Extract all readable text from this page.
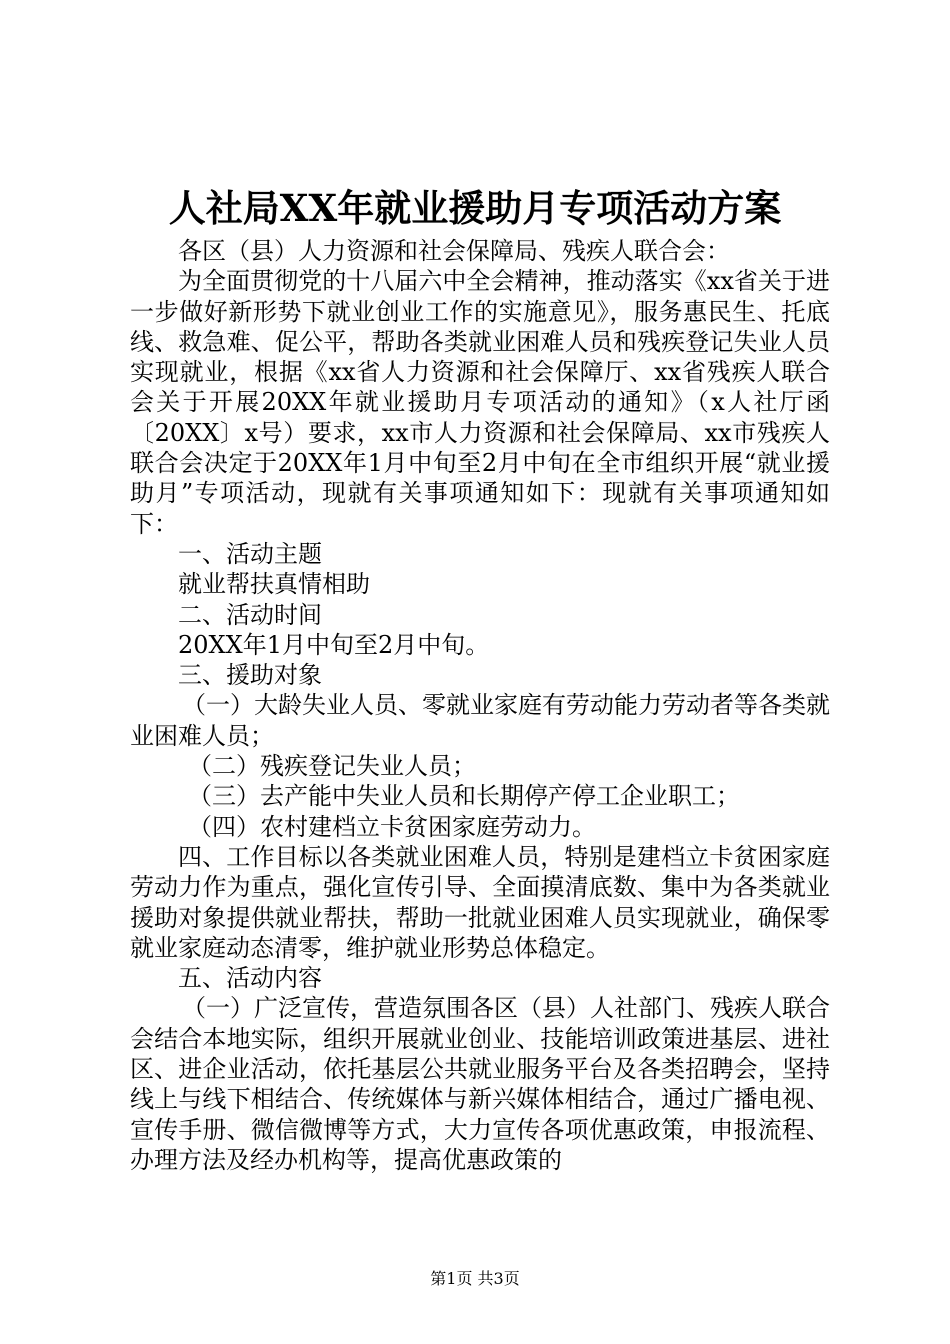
人社局XX年就业援助月专项活动方案

各区（县）人力资源和社会保障局、残疾人联合会：

为全面贯彻党的十八届六中全会精神，推动落实《xx省关于进一步做好新形势下就业创业工作的实施意见》，服务惠民生、托底线、救急难、促公平，帮助各类就业困难人员和残疾登记失业人员实现就业，根据《xx省人力资源和社会保障厅、xx省残疾人联合会关于开展20XX年就业援助月专项活动的通知》（x人社厅函〔20XX〕x号）要求，xx市人力资源和社会保障局、xx市残疾人联合会决定于20XX年1月中旬至2月中旬在全市组织开展“就业援助月”专项活动，现就有关事项通知如下：现就有关事项通知如下：

一、活动主题

就业帮扶真情相助

二、活动时间

20XX年1月中旬至2月中旬。

三、援助对象

（一）大龄失业人员、零就业家庭有劳动能力劳动者等各类就业困难人员；

（二）残疾登记失业人员；

（三）去产能中失业人员和长期停产停工企业职工；

（四）农村建档立卡贫困家庭劳动力。

四、工作目标以各类就业困难人员，特别是建档立卡贫困家庭劳动力作为重点，强化宣传引导、全面摸清底数、集中为各类就业援助对象提供就业帮扶，帮助一批就业困难人员实现就业，确保零就业家庭动态清零，维护就业形势总体稳定。

五、活动内容

（一）广泛宣传，营造氛围各区（县）人社部门、残疾人联合会结合本地实际，组织开展就业创业、技能培训政策进基层、进社区、进企业活动，依托基层公共就业服务平台及各类招聘会，坚持线上与线下相结合、传统媒体与新兴媒体相结合，通过广播电视、宣传手册、微信微博等方式，大力宣传各项优惠政策，申报流程、办理方法及经办机构等，提高优惠政策的

第1页 共3页
